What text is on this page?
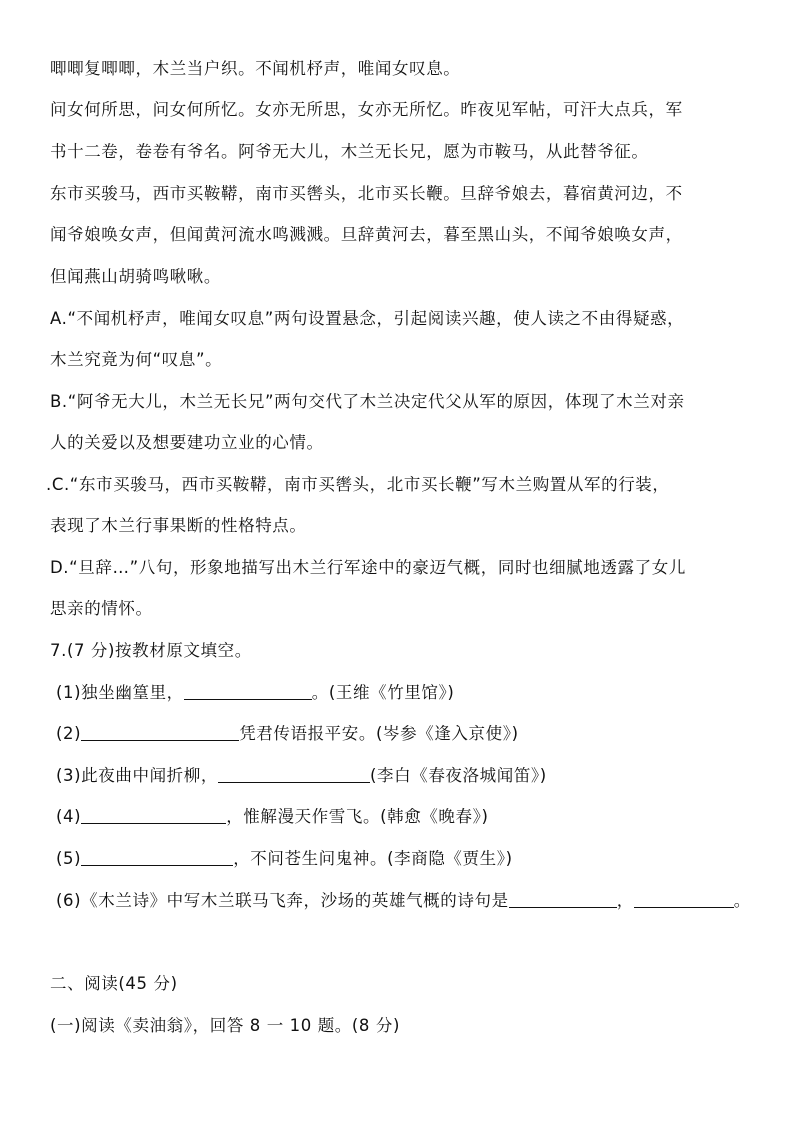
唧唧复唧唧，木兰当户织。不闻机杼声，唯闻女叹息。
问女何所思，问女何所忆。女亦无所思，女亦无所忆。昨夜见军帖，可汗大点兵，军
书十二卷，卷卷有爷名。阿爷无大儿，木兰无长兄，愿为市鞍马，从此替爷征。
东市买骏马，西市买鞍鞯，南市买辔头，北市买长鞭。旦辞爷娘去，暮宿黄河边，不
闻爷娘唤女声，但闻黄河流水鸣溅溅。旦辞黄河去，暮至黑山头，不闻爷娘唤女声，
但闻燕山胡骑鸣啾啾。
A.“不闻机杼声，唯闻女叹息”两句设置悬念，引起阅读兴趣，使人读之不由得疑惑，
木兰究竟为何“叹息”。
B.“阿爷无大儿，木兰无长兄”两句交代了木兰决定代父从军的原因，体现了木兰对亲
人的关爱以及想要建功立业的心情。
.C.“东市买骏马，西市买鞍鞯，南市买辔头，北市买长鞭”写木兰购置从军的行装，
表现了木兰行事果断的性格特点。
D.“旦辞…”八句，形象地描写出木兰行军途中的豪迈气概，同时也细腻地透露了女儿
思亲的情怀。
7.(7 分)按教材原文填空。
(1)独坐幽篁里，	。(王维《竹里馆》)
(2)	凭君传语报平安。(岑参《逢入京使》)
(3)此夜曲中闻折柳，	(李白《春夜洛城闻笛》)
(4)	，惟解漫天作雪飞。(韩愈《晚春》)
(5)	，不问苍生问鬼神。(李商隐《贾生》)
(6)《木兰诗》中写木兰联马飞奔，沙场的英雄气概的诗句是	，	。
二、阅读(45 分)
(一)阅读《卖油翁》，回答 8 一 10 题。(8 分)
